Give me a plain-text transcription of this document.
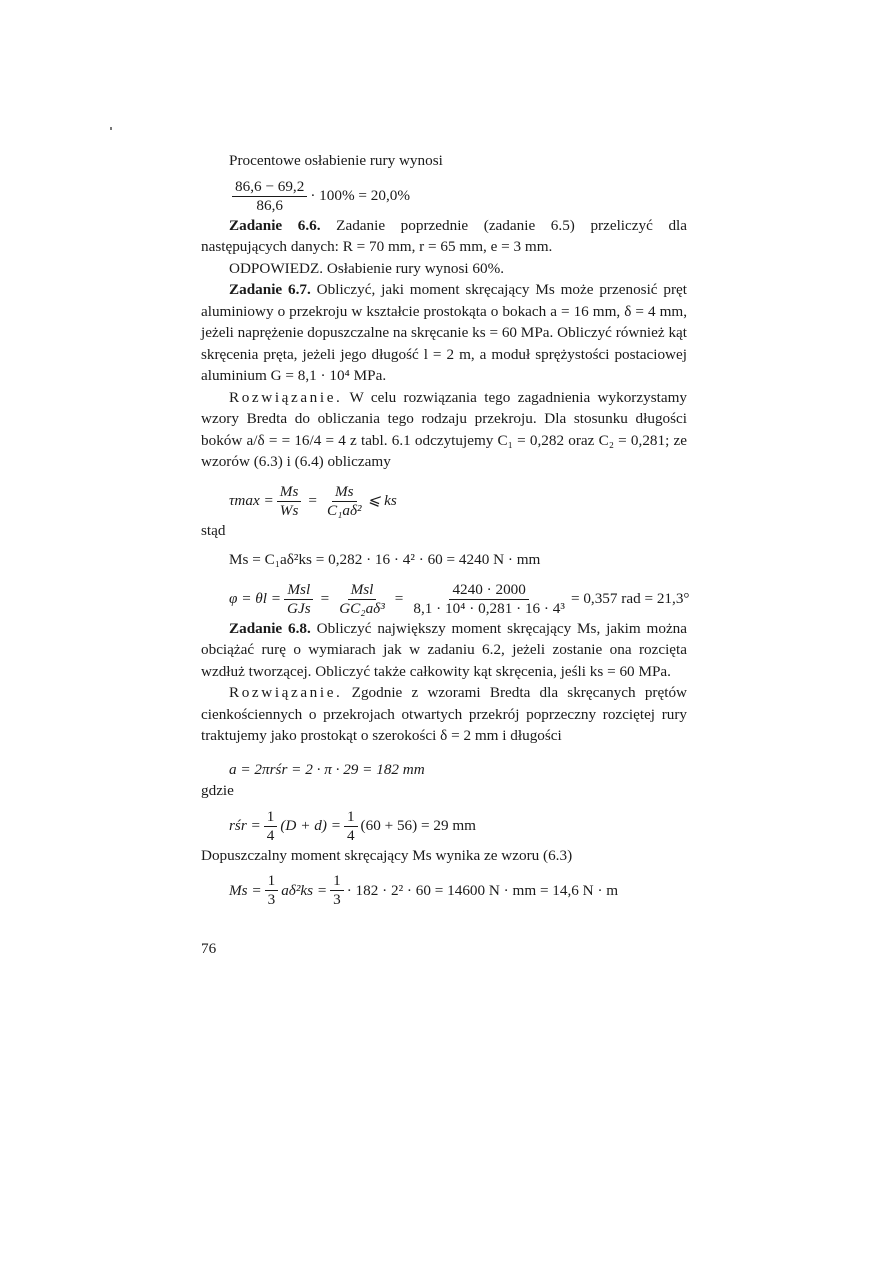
Procentowe osłabienie rury wynosi

$\frac{86,6 - 69,2}{86,6} \cdot 100\% = 20,0\%$

Zadanie 6.6. Zadanie poprzednie (zadanie 6.5) przeliczyć dla następujących danych: R = 70 mm, r = 65 mm, e = 3 mm.

ODPOWIEDZ. Osłabienie rury wynosi 60%.

Zadanie 6.7. Obliczyć, jaki moment skręcający Ms może przenosić pręt aluminiowy o przekroju w kształcie prostokąta o bokach a = 16 mm, δ = 4 mm, jeżeli naprężenie dopuszczalne na skręcanie ks = 60 MPa. Obliczyć również kąt skręcenia pręta, jeżeli jego długość l = 2 m, a moduł sprężystości postaciowej aluminium G = 8,1 · 10⁴ MPa.

Rozwiązanie. W celu rozwiązania tego zagadnienia wykorzystamy wzory Bredta do obliczania tego rodzaju przekroju. Dla stosunku długości boków a/δ = = 16/4 = 4 z tabl. 6.1 odczytujemy C₁ = 0,282 oraz C₂ = 0,281; ze wzorów (6.3) i (6.4) obliczamy

$\tau\max = \frac{Ms}{Ws} = \frac{Ms}{\text{C₁aδ²}}$ ⩽ ks

stąd

Ms = C₁aδ²ks = 0,282 · 16 · 4² · 60 = 4240 N · mm
$\varphi = \theta l = \frac{\text{Msl}}{\text{GJs}} = \frac{\text{Msl}}{\text{GC₂aδ³}} = \frac{4240 \cdot 2000}{\text{8,1 · 10⁴ · 0,281 · 16 · 4³}} = 0,357$ rad = 21,3°

Zadanie 6.8. Obliczyć największy moment skręcający Ms, jakim można obciążać rurę o wymiarach jak w zadaniu 6.2, jeżeli zostanie ona rozcięta wzdłuż tworzącej. Obliczyć także całkowity kąt skręcenia, jeśli ks = 60 MPa.

Rozwiązanie. Zgodnie z wzorami Bredta dla skręcanych prętów cienkościennych o przekrojach otwartych przekrój poprzeczny rozciętej rury traktujemy jako prostokąt o szerokości δ = 2 mm i długości

a = 2πrśr = 2 · π · 29 = 182 mm

gdzie

rśr = $\frac{1}{4} (D + d) = \frac{1}{4} (60 + 56) = 29$ mm

Dopuszczalny moment skręcający Ms wynika ze wzoru (6.3)

$Ms = \frac{1}{3} a\delta^2ks = \frac{1}{3} \cdot 182 \cdot 2^2 \cdot 60 = 14600$ N · mm = 14,6 N · m
76
